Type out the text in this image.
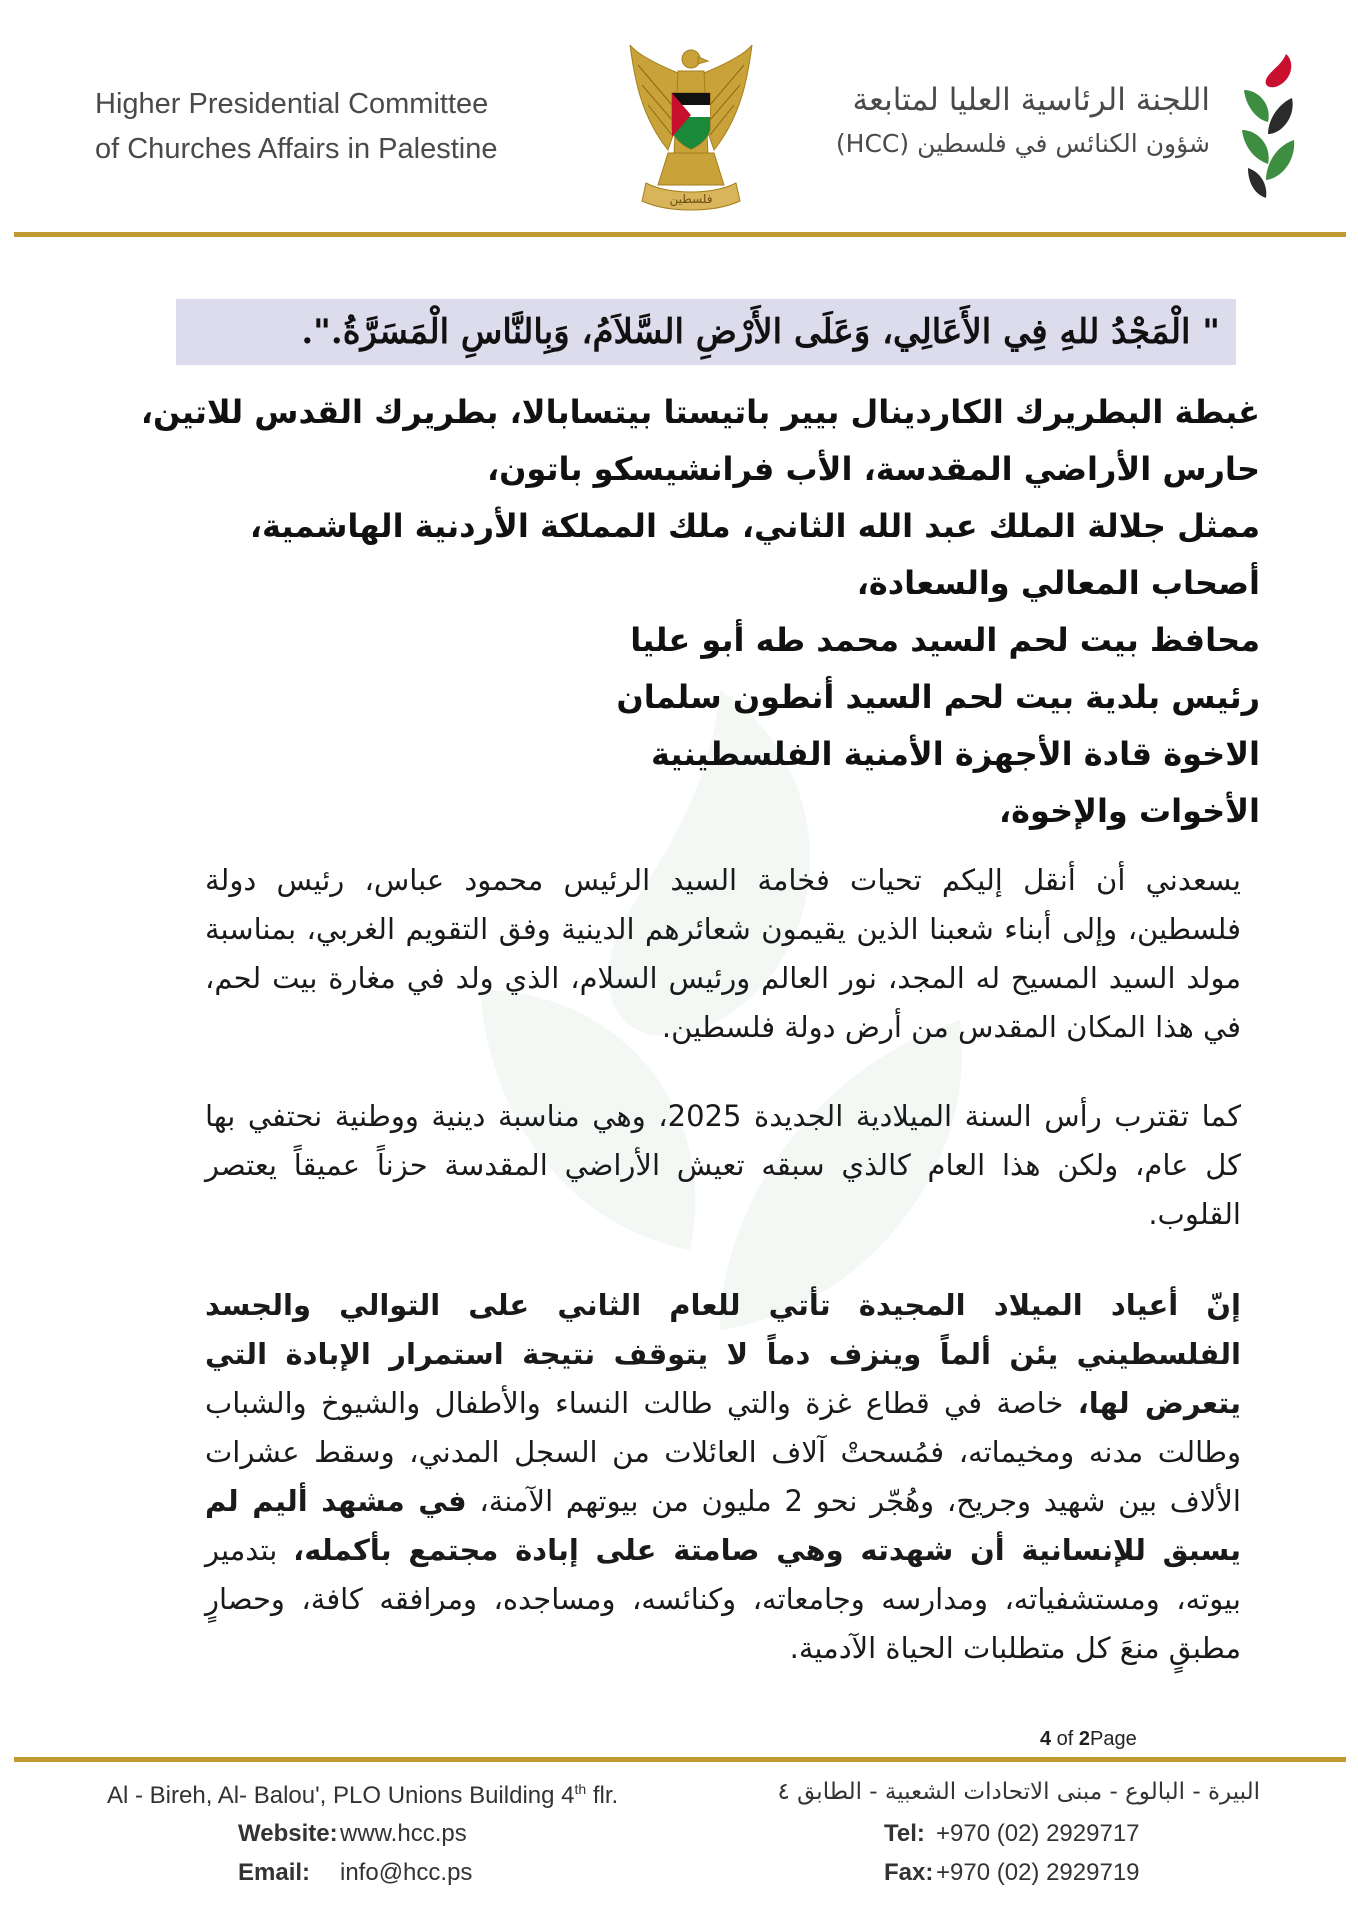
Higher Presidential Committee
of Churches Affairs in Palestine
فلسطين
اللجنة الرئاسية العليا لمتابعة
شؤون الكنائس في فلسطين (HCC)
" الْمَجْدُ للهِ فِي الأَعَالِي، وَعَلَى الأَرْضِ السَّلاَمُ، وَبِالنَّاسِ الْمَسَرَّةُ.".
غبطة البطريرك الكاردينال بيير باتيستا بيتسابالا، بطريرك القدس للاتين،
حارس الأراضي المقدسة، الأب فرانشيسكو باتون،
ممثل جلالة الملك عبد الله الثاني، ملك المملكة الأردنية الهاشمية،
أصحاب المعالي والسعادة،
محافظ بيت لحم السيد محمد طه أبو عليا
رئيس بلدية بيت لحم السيد أنطون سلمان
الاخوة قادة الأجهزة الأمنية الفلسطينية
الأخوات والإخوة،
يسعدني أن أنقل إليكم تحيات فخامة السيد الرئيس محمود عباس، رئيس دولة فلسطين، وإلى أبناء شعبنا الذين يقيمون شعائرهم الدينية وفق التقويم الغربي، بمناسبة مولد السيد المسيح له المجد، نور العالم ورئيس السلام، الذي ولد في مغارة بيت لحم، في هذا المكان المقدس من أرض دولة فلسطين.
كما تقترب رأس السنة الميلادية الجديدة 2025، وهي مناسبة دينية ووطنية نحتفي بها كل عام، ولكن هذا العام كالذي سبقه تعيش الأراضي المقدسة حزناً عميقاً يعتصر القلوب.
إنّ أعياد الميلاد المجيدة تأتي للعام الثاني على التوالي والجسد الفلسطيني يئن ألماً وينزف دماً لا يتوقف نتيجة استمرار الإبادة التي يتعرض لها، خاصة في قطاع غزة والتي طالت النساء والأطفال والشيوخ والشباب وطالت مدنه ومخيماته، فمُسحتْ آلاف العائلات من السجل المدني، وسقط عشرات الألاف بين شهيد وجريح، وهُجّر نحو 2 مليون من بيوتهم الآمنة، في مشهد أليم لم يسبق للإنسانية أن شهدته وهي صامتة على إبادة مجتمع بأكمله، بتدمير بيوته، ومستشفياته، ومدارسه وجامعاته، وكنائسه، ومساجده، ومرافقه كافة، وحصارٍ مطبقٍ منعَ كل متطلبات الحياة الآدمية.
4 of 2Page
Al - Bireh, Al- Balou', PLO Unions Building 4th flr.
Website: www.hcc.ps
Email: info@hcc.ps
البيرة - البالوع - مبنى الاتحادات الشعبية - الطابق ٤
Tel: +970 (02) 2929717
Fax: +970 (02) 2929719
